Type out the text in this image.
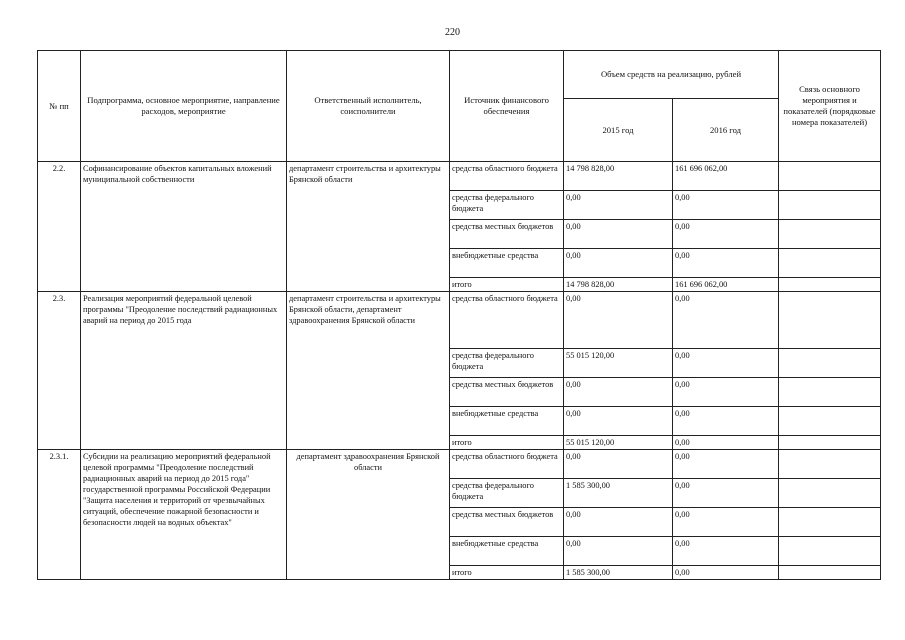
220
№ пп	Подпрограмма, основное мероприятие, направление расходов, мероприятие	Ответственный исполнитель, соисполнители	Источник финансового обеспечения	Объем средств на реализацию, рублей		Связь основного мероприятия и показателей (порядковые номера показателей)
				2015 год	2016 год	
2.2.	Софинансирование объектов капитальных вложений муниципальной собственности	департамент строительства и архитектуры Брянской области	средства областного бюджета	14 798 828,00	161 696 062,00	
			средства федерального бюджета	0,00	0,00	
			средства местных бюджетов	0,00	0,00	
			внебюджетные средства	0,00	0,00	
			итого	14 798 828,00	161 696 062,00	
2.3.	Реализация мероприятий федеральной целевой программы "Преодоление последствий радиационных аварий на период до 2015 года	департамент строительства и архитектуры Брянской области, департамент здравоохранения Брянской области	средства областного бюджета	0,00	0,00	
			средства федерального бюджета	55 015 120,00	0,00	
			средства местных бюджетов	0,00	0,00	
			внебюджетные средства	0,00	0,00	
			итого	55 015 120,00	0,00	
2.3.1.	Субсидии на реализацию мероприятий федеральной целевой программы "Преодоление последствий радиационных аварий на период до 2015 года" государственной программы Российской Федерации "Защита населения и территорий от чрезвычайных ситуаций, обеспечение пожарной безопасности и безопасности людей на водных объектах"	департамент здравоохранения Брянской области	средства областного бюджета	0,00	0,00	
			средства федерального бюджета	1 585 300,00	0,00	
			средства местных бюджетов	0,00	0,00	
			внебюджетные средства	0,00	0,00	
			итого	1 585 300,00	0,00	
